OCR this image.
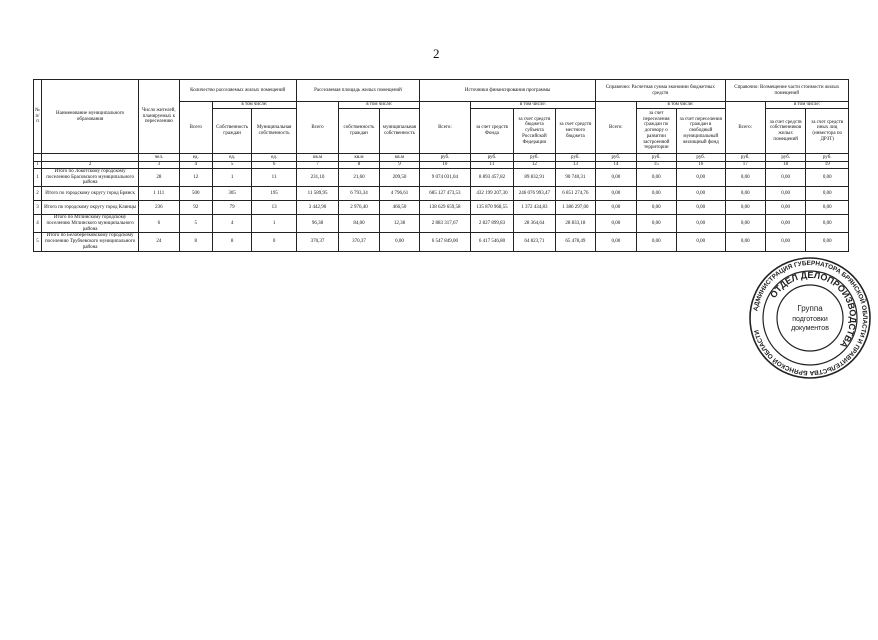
2
№ п/п	Наименование муниципального образования	Число жителей, планируемых к переселению	Количество расселяемых жилых помещений			Расселяемая площадь жилых помещений			Источники финансирования программы				Справочно: Расчетная сумма экономии бюджетных средств			Справочно: Возмещение части стоимости жилых помещений		
			Всего	в том числе:		Всего	в том числе:		Всего:	в том числе:			Всего:	в том числе:		Всего:	в том числе:	
				Собственность граждан	Муниципальная собственность		собственность граждан	муниципальная собственность		за счет средств Фонда	за счет средств бюджета субъекта Российской Федерации	за счет средств местного бюджета		за счет переселения граждан по договору о развитии застроенной территории	за счет переселения граждан в свободный муниципальный жилищный фонд		за счет средств собственников жилых помещений	за счет средств иных лиц (инвестора по ДРЗТ)
		чел.	ед.	ед.	ед.	кв.м	кв.м	кв.м	руб.	руб.	руб.	руб.	руб.	руб.	руб.	руб.	руб.	руб.
1	2	3	4	5	6	7	8	9	10	11	12	13	14	15	16	17	18	19
1	Итого по Локотскому городскому поселению Брасовского муниципального района	28	12	1	11	231,10	21,60	209,50	9 074 031,04	8 893 457,82	89 832,91	90 740,31	0,00	0,00	0,00	0,00	0,00	0,00
2	Итого по городскому округу город Брянск	1 111	500	305	195	11 589,95	6 793,34	4 796,61	685 127 473,53	432 199 207,30	246 076 993,47	6 851 274,76	0,00	0,00	0,00	0,00	0,00	0,00
3	Итого по городскому округу город Клинцы	236	92	79	13	3 442,90	2 976,40	466,50	138 629 659,58	135 870 968,55	1 372 434,83	1 386 297,00	0,00	0,00	0,00	0,00	0,00	0,00
4	Итого по Мглинскому городскому поселению Мглинского муниципального района	6	5	4	1	96,38	84,00	12,38	2 883 317,67	2 827 899,83	28 364,64	28 833,18	0,00	0,00	0,00	0,00	0,00	0,00
5	Итого по Белоберезковскому городскому поселению Трубчевского муниципального района	24	8	8	0	370,37	370,37	0,00	6 547 849,00	6 417 546,80	64 823,71	65 478,49	0,00	0,00	0,00	0,00	0,00	0,00
АДМИНИСТРАЦИЯ ГУБЕРНАТОРА БРЯНСКОЙ ОБЛАСТИ И ПРАВИТЕЛЬСТВА БРЯНСКОЙ ОБЛАСТИ
ОТДЕЛ ДЕЛОПРОИЗВОДСТВА
Группа
подготовки
документов
